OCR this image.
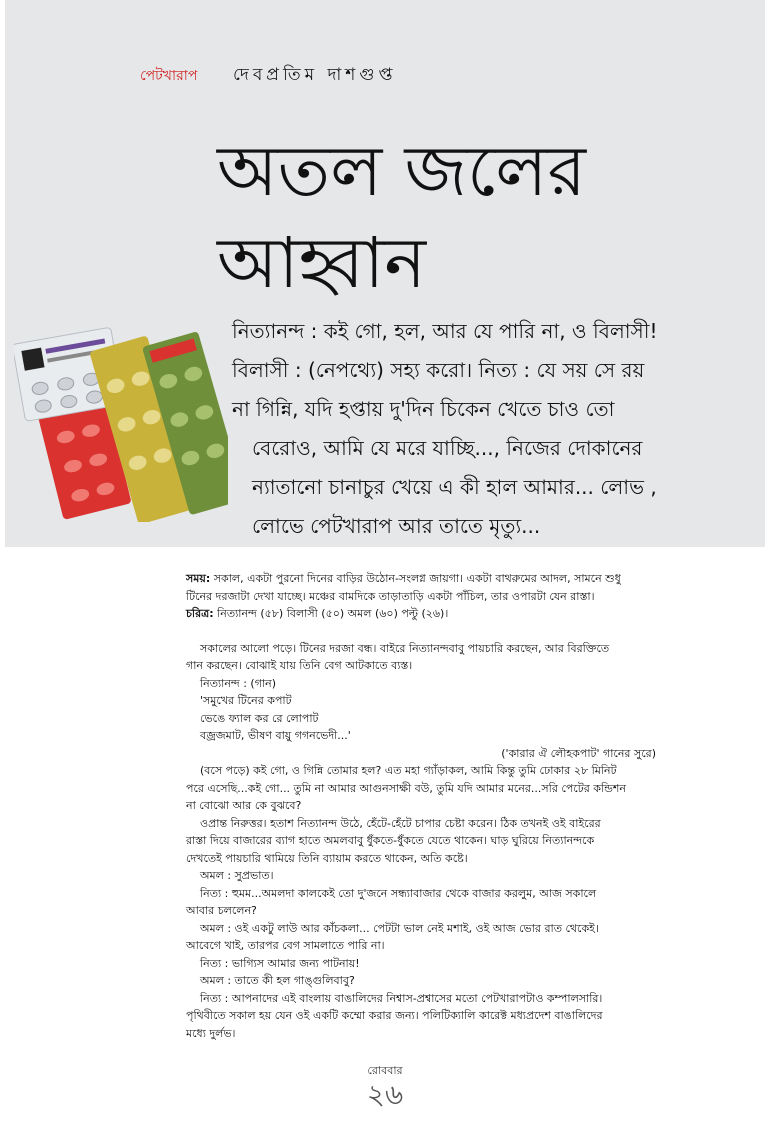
পেটখারাপ দেবপ্রতিম দাশগুপ্ত
অতল জলের
আহ্বান
নিত্যানন্দ : কই গো, হল, আর যে পারি না, ও বিলাসী!
বিলাসী : (নেপথ্যে) সহ্য করো। নিত্য : যে সয় সে রয়
না গিন্নি, যদি হপ্তায় দু'দিন চিকেন খেতে চাও তো
বেরোও, আমি যে মরে যাচ্ছি..., নিজের দোকানের
ন্যাতানো চানাচুর খেয়ে এ কী হাল আমার... লোভ ,
লোভে পেটখারাপ আর তাতে মৃত্যু...

সময়: সকাল, একটা পুরনো দিনের বাড়ির উঠোন-সংলগ্ন জায়গা। একটা বাথরুমের আদল, সামনে শুধু

টিনের দরজাটা দেখা যাচ্ছে। মঞ্চের বামদিকে তাড়াতাড়ি একটা পাঁচিল, তার ওপারটা যেন রাস্তা।

চরিত্র: নিত্যানন্দ (৫৮) বিলাসী (৫০) অমল (৬০) পল্টু (২৬)।

সকালের আলো পড়ে। টিনের দরজা বন্ধ। বাইরে নিত্যানন্দবাবু পায়চারি করছেন, আর বিরক্তিতে

গান করছেন। বোঝাই যায় তিনি বেগ আটকাতে ব্যস্ত।

নিত্যানন্দ : (গান)

'সমুখের টিনের কপাট

ভেঙে ফ্যাল কর রে লোপাট

বজ্রজমাট, ভীষণ বায়ু গগনভেদী...'

('কারার ঐ লৌহকপাট' গানের সুরে)

(বসে পড়ে) কই গো, ও গিন্নি তোমার হল? এত মহা গ্যাঁড়াকল, আমি কিন্তু তুমি ঢোকার ২৮ মিনিট

পরে এসেছি...কই গো... তুমি না আমার আগুনসাক্ষী বউ, তুমি যদি আমার মনের...সরি পেটের কন্ডিশন

না বোঝো আর কে বুঝবে?

ওপ্রান্ত নিরুত্তর। হতাশ নিত্যানন্দ উঠে, হেঁটে-হেঁটে চাপার চেষ্টা করেন। ঠিক তখনই ওই বাইরের

রাস্তা দিয়ে বাজারের ব্যাগ হাতে অমলবাবু ধুঁকতে-ধুঁকতে যেতে থাকেন। ঘাড় ঘুরিয়ে নিত্যানন্দকে

দেখতেই পায়চারি থামিয়ে তিনি ব্যায়াম করতে থাকেন, অতি কষ্টে।

অমল : সুপ্রভাত।

নিত্য : হুমম...অমলদা কালকেই তো দু'জনে সন্ধ্যাবাজার থেকে বাজার করলুম, আজ সকালে

আবার চললেন?

অমল : ওই একটু লাউ আর কাঁচকলা... পেটটা ভাল নেই মশাই, ওই আজ ভোর রাত থেকেই।

আবেগে খাই, তারপর বেগ সামলাতে পারি না।

নিত্য : ভাগ্যিস আমার জন্য পাটনায়!

অমল : তাতে কী হল গাঙ্গুলিবাবু?

নিত্য : আপনাদের এই বাংলায় বাঙালিদের নিশ্বাস-প্রশ্বাসের মতো পেটখারাপটাও কম্পালসারি।

পৃথিবীতে সকাল হয় যেন ওই একটি কম্মো করার জন্য। পলিটিক্যালি কারেক্ট মধ্যপ্রদেশ বাঙালিদের

মধ্যে দুর্লভ।

রোববার
২৬
